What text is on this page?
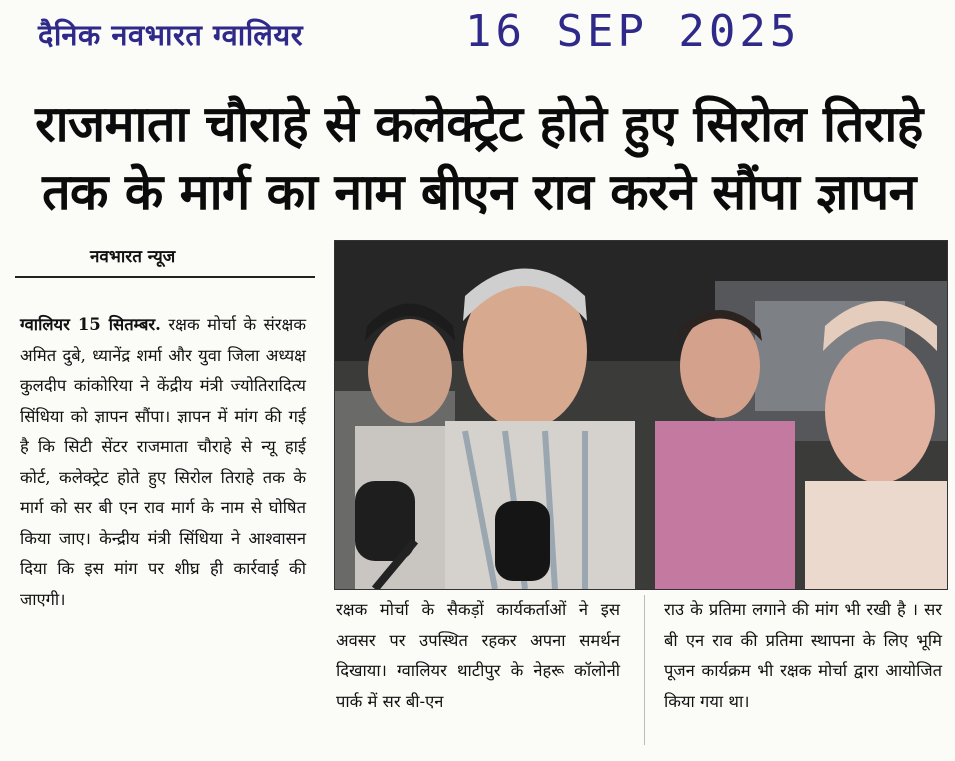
दैनिक नवभारत ग्वालियर	16 SEP 2025
राजमाता चौराहे से कलेक्ट्रेट होते हुए सिरोल तिराहे
तक के मार्ग का नाम बीएन राव करने सौंपा ज्ञापन
नवभारत न्यूज
ग्वालियर 15 सितम्बर. रक्षक मोर्चा के संरक्षक अमित दुबे, ध्यानेंद्र शर्मा और युवा जिला अध्यक्ष कुलदीप कांकोरिया ने केंद्रीय मंत्री ज्योतिरादित्य सिंधिया को ज्ञापन सौंपा। ज्ञापन में मांग की गई है कि सिटी सेंटर राजमाता चौराहे से न्यू हाई कोर्ट, कलेक्ट्रेट होते हुए सिरोल तिराहे तक के मार्ग को सर बी एन राव मार्ग के नाम से घोषित किया जाए। केन्द्रीय मंत्री सिंधिया ने आश्वासन दिया कि इस मांग पर शीघ्र ही कार्रवाई की जाएगी।
रक्षक मोर्चा के सैकड़ों कार्यकर्ताओं ने इस अवसर पर उपस्थित रहकर अपना समर्थन दिखाया। ग्वालियर थाटीपुर के नेहरू कॉलोनी पार्क में सर बी-एन
राउ के प्रतिमा लगाने की मांग भी रखी है । सर बी एन राव की प्रतिमा स्थापना के लिए भूमि पूजन कार्यक्रम भी रक्षक मोर्चा द्वारा आयोजित किया गया था।
